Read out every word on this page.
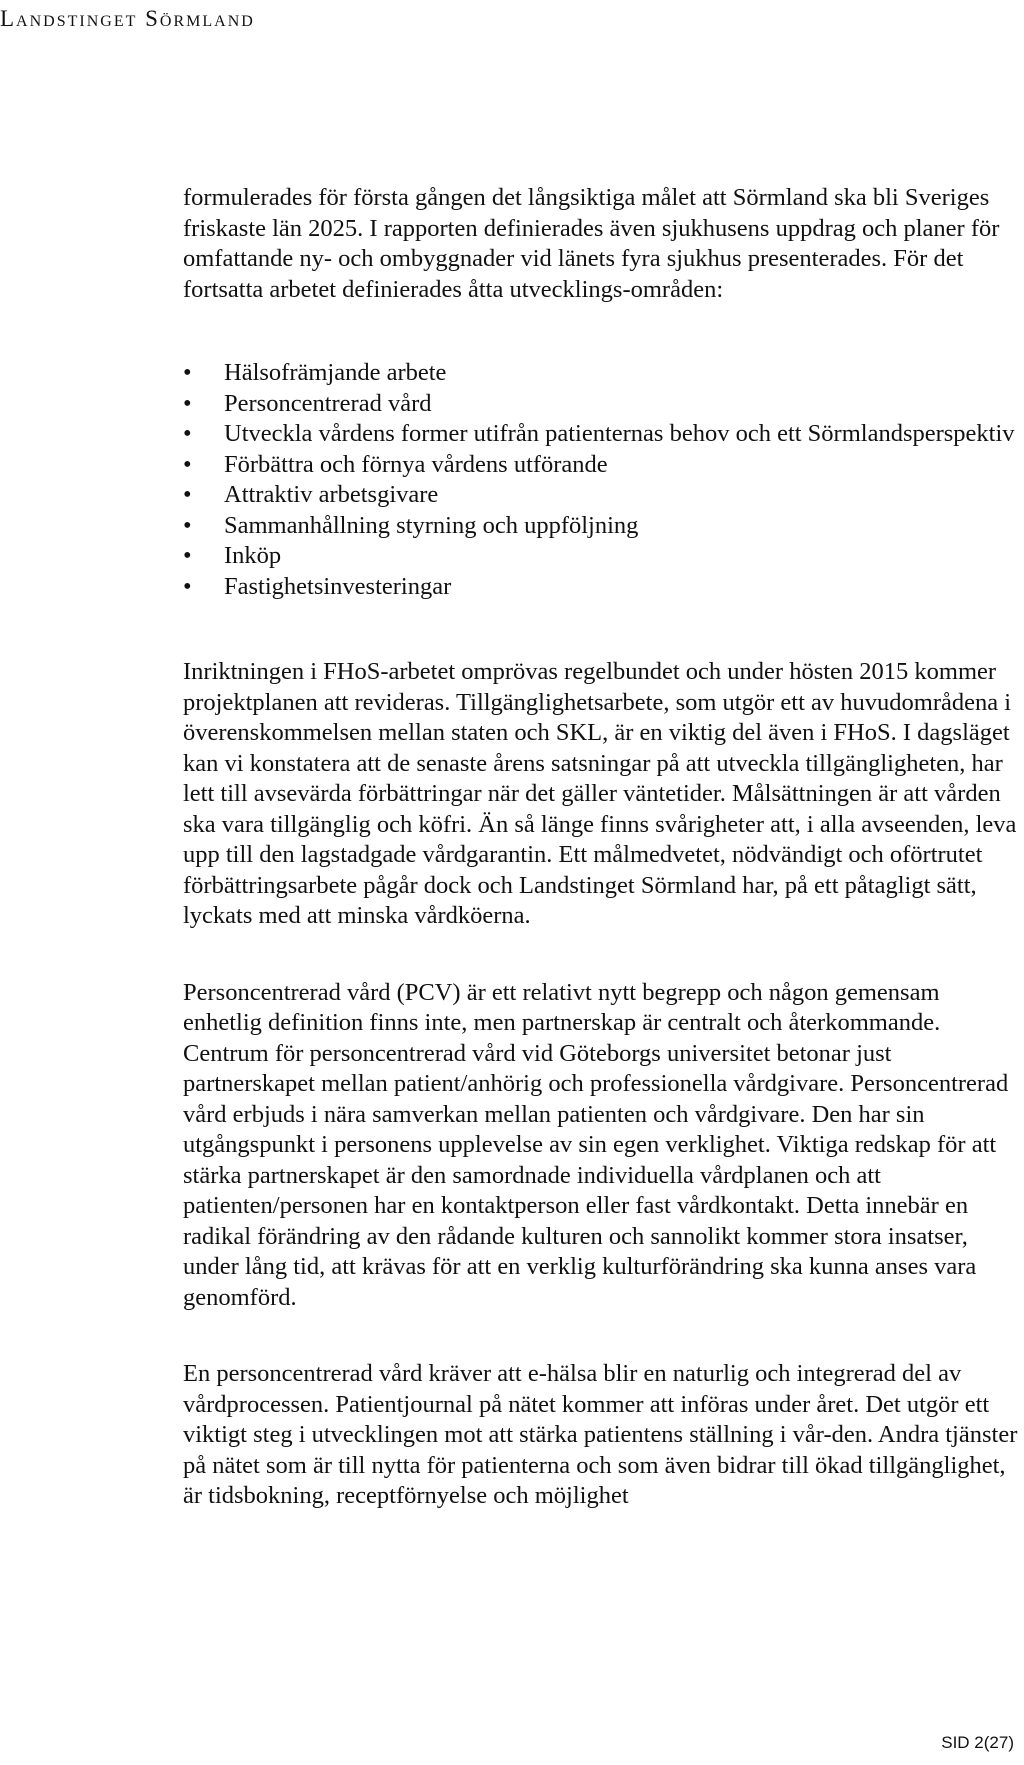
Landstinget Sörmland

formulerades för första gången det långsiktiga målet att Sörmland ska bli Sveriges friskaste län 2025. I rapporten definierades även sjukhusens uppdrag och planer för omfattande ny- och ombyggnader vid länets fyra sjukhus presenterades. För det fortsatta arbetet definierades åtta utvecklings-områden:

•	Hälsofrämjande arbete
•	Personcentrerad vård
•	Utveckla vårdens former utifrån patienternas behov och ett Sörmlandsperspektiv
•	Förbättra och förnya vårdens utförande
•	Attraktiv arbetsgivare
•	Sammanhållning styrning och uppföljning
•	Inköp
•	Fastighetsinvesteringar

Inriktningen i FHoS-arbetet omprövas regelbundet och under hösten 2015 kommer projektplanen att revideras. Tillgänglighetsarbete, som utgör ett av huvudområdena i överenskommelsen mellan staten och SKL, är en viktig del även i FHoS. I dagsläget kan vi konstatera att de senaste årens satsningar på att utveckla tillgängligheten, har lett till avsevärda förbättringar när det gäller väntetider. Målsättningen är att vården ska vara tillgänglig och köfri. Än så länge finns svårigheter att, i alla avseenden, leva upp till den lagstadgade vårdgarantin. Ett målmedvetet, nödvändigt och oförtrutet förbättringsarbete pågår dock och Landstinget Sörmland har, på ett påtagligt sätt, lyckats med att minska vårdköerna.

Personcentrerad vård (PCV) är ett relativt nytt begrepp och någon gemensam enhetlig definition finns inte, men partnerskap är centralt och återkommande. Centrum för personcentrerad vård vid Göteborgs universitet betonar just partnerskapet mellan patient/anhörig och professionella vårdgivare. Personcentrerad vård erbjuds i nära samverkan mellan patienten och vårdgivare. Den har sin utgångspunkt i personens upplevelse av sin egen verklighet. Viktiga redskap för att stärka partnerskapet är den samordnade individuella vårdplanen och att patienten/personen har en kontaktperson eller fast vårdkontakt. Detta innebär en radikal förändring av den rådande kulturen och sannolikt kommer stora insatser, under lång tid, att krävas för att en verklig kulturförändring ska kunna anses vara genomförd.

En personcentrerad vård kräver att e-hälsa blir en naturlig och integrerad del av vårdprocessen. Patientjournal på nätet kommer att införas under året. Det utgör ett viktigt steg i utvecklingen mot att stärka patientens ställning i vår-den. Andra tjänster på nätet som är till nytta för patienterna och som även bidrar till ökad tillgänglighet, är tidsbokning, receptförnyelse och möjlighet

SID 2(27)
